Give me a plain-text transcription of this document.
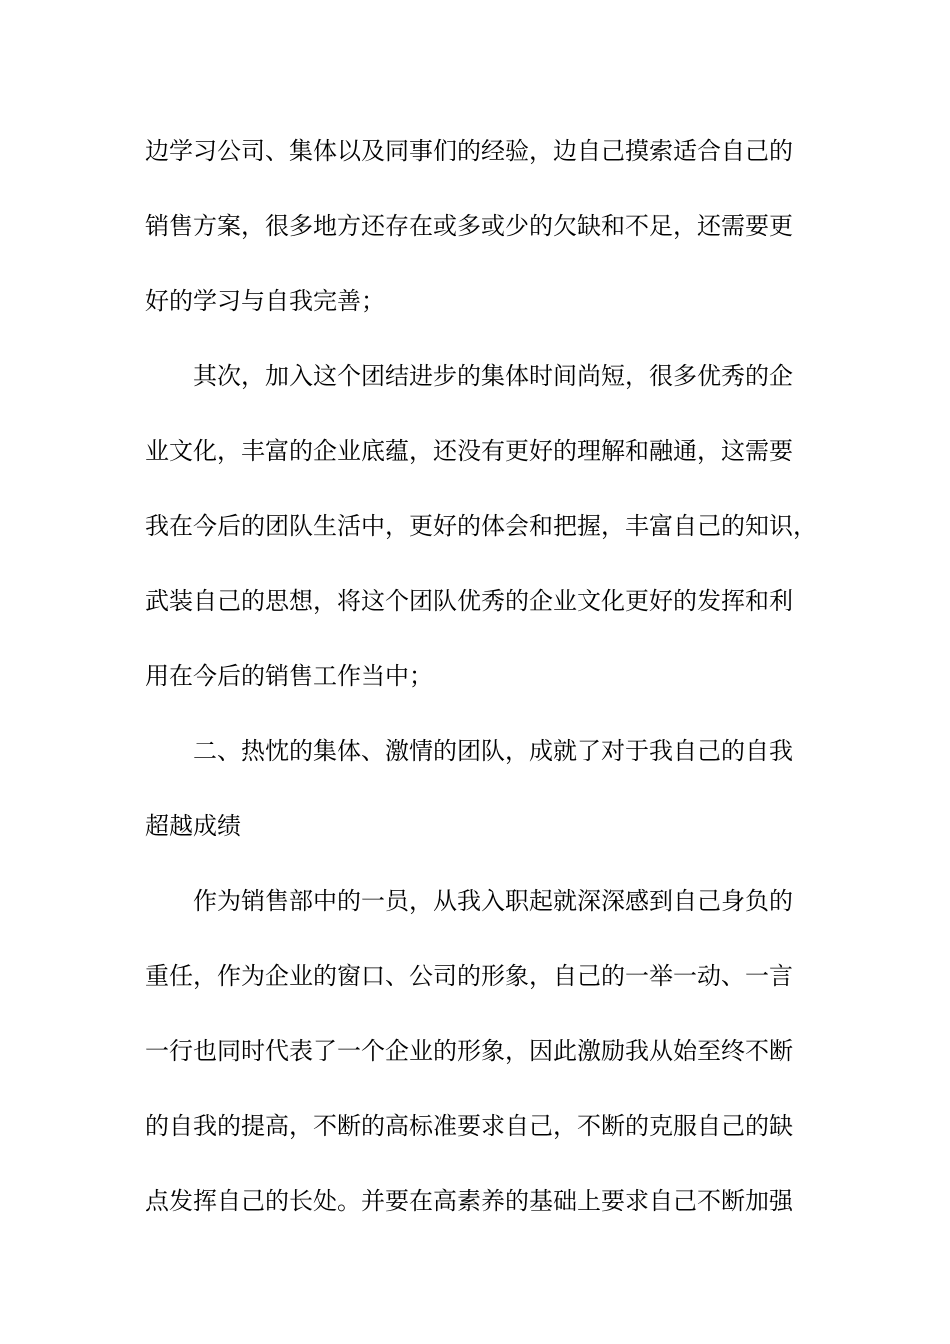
边学习公司、集体以及同事们的经验，边自己摸索适合自己的

销售方案，很多地方还存在或多或少的欠缺和不足，还需要更

好的学习与自我完善；

其次，加入这个团结进步的集体时间尚短，很多优秀的企

业文化，丰富的企业底蕴，还没有更好的理解和融通，这需要

我在今后的团队生活中，更好的体会和把握，丰富自己的知识，

武装自己的思想，将这个团队优秀的企业文化更好的发挥和利

用在今后的销售工作当中；

二、热忱的集体、激情的团队，成就了对于我自己的自我

超越成绩

作为销售部中的一员，从我入职起就深深感到自己身负的

重任，作为企业的窗口、公司的形象，自己的一举一动、一言

一行也同时代表了一个企业的形象，因此激励我从始至终不断

的自我的提高，不断的高标准要求自己，不断的克服自己的缺

点发挥自己的长处。并要在高素养的基础上要求自己不断加强
